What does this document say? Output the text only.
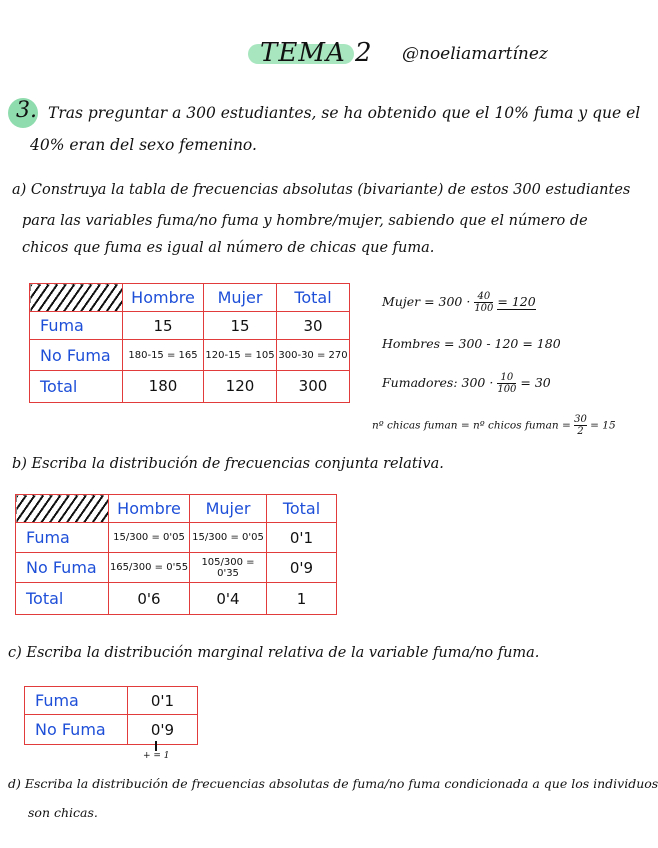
TEMA 2 @noeliamartínez
3. Tras preguntar a 300 estudiantes, se ha obtenido que el 10% fuma y que el
40% eran del sexo femenino.
a) Construya la tabla de frecuencias absolutas (bivariante) de estos 300 estudiantes
para las variables fuma/no fuma y hombre/mujer, sabiendo que el número de
chicos que fuma es igual al número de chicas que fuma.
	Hombre	Mujer	Total
Fuma	15	15	30
No Fuma	180-15 = 165	120-15 = 105	300-30 = 270
Total	180	120	300
Mujer = $300 \cdot \frac{40}{100} = 120$
Hombres = 300 - 120 = 180
Fumadores: $300 \cdot \frac{10}{100} = 30$
nº chicas fuman = nº chicos fuman = $\frac{30}{2} = 15$
b) Escriba la distribución de frecuencias conjunta relativa.
	Hombre	Mujer	Total
Fuma	15/300 = 0'05	15/300 = 0'05	0'1
No Fuma	165/300 = 0'55	105/300 = 0'35	0'9
Total	0'6	0'4	1
c) Escriba la distribución marginal relativa de la variable fuma/no fuma.
Fuma	0'1
No Fuma	0'9
+ = 1
d) Escriba la distribución de frecuencias absolutas de fuma/no fuma condicionada a que los individuos
son chicas.
